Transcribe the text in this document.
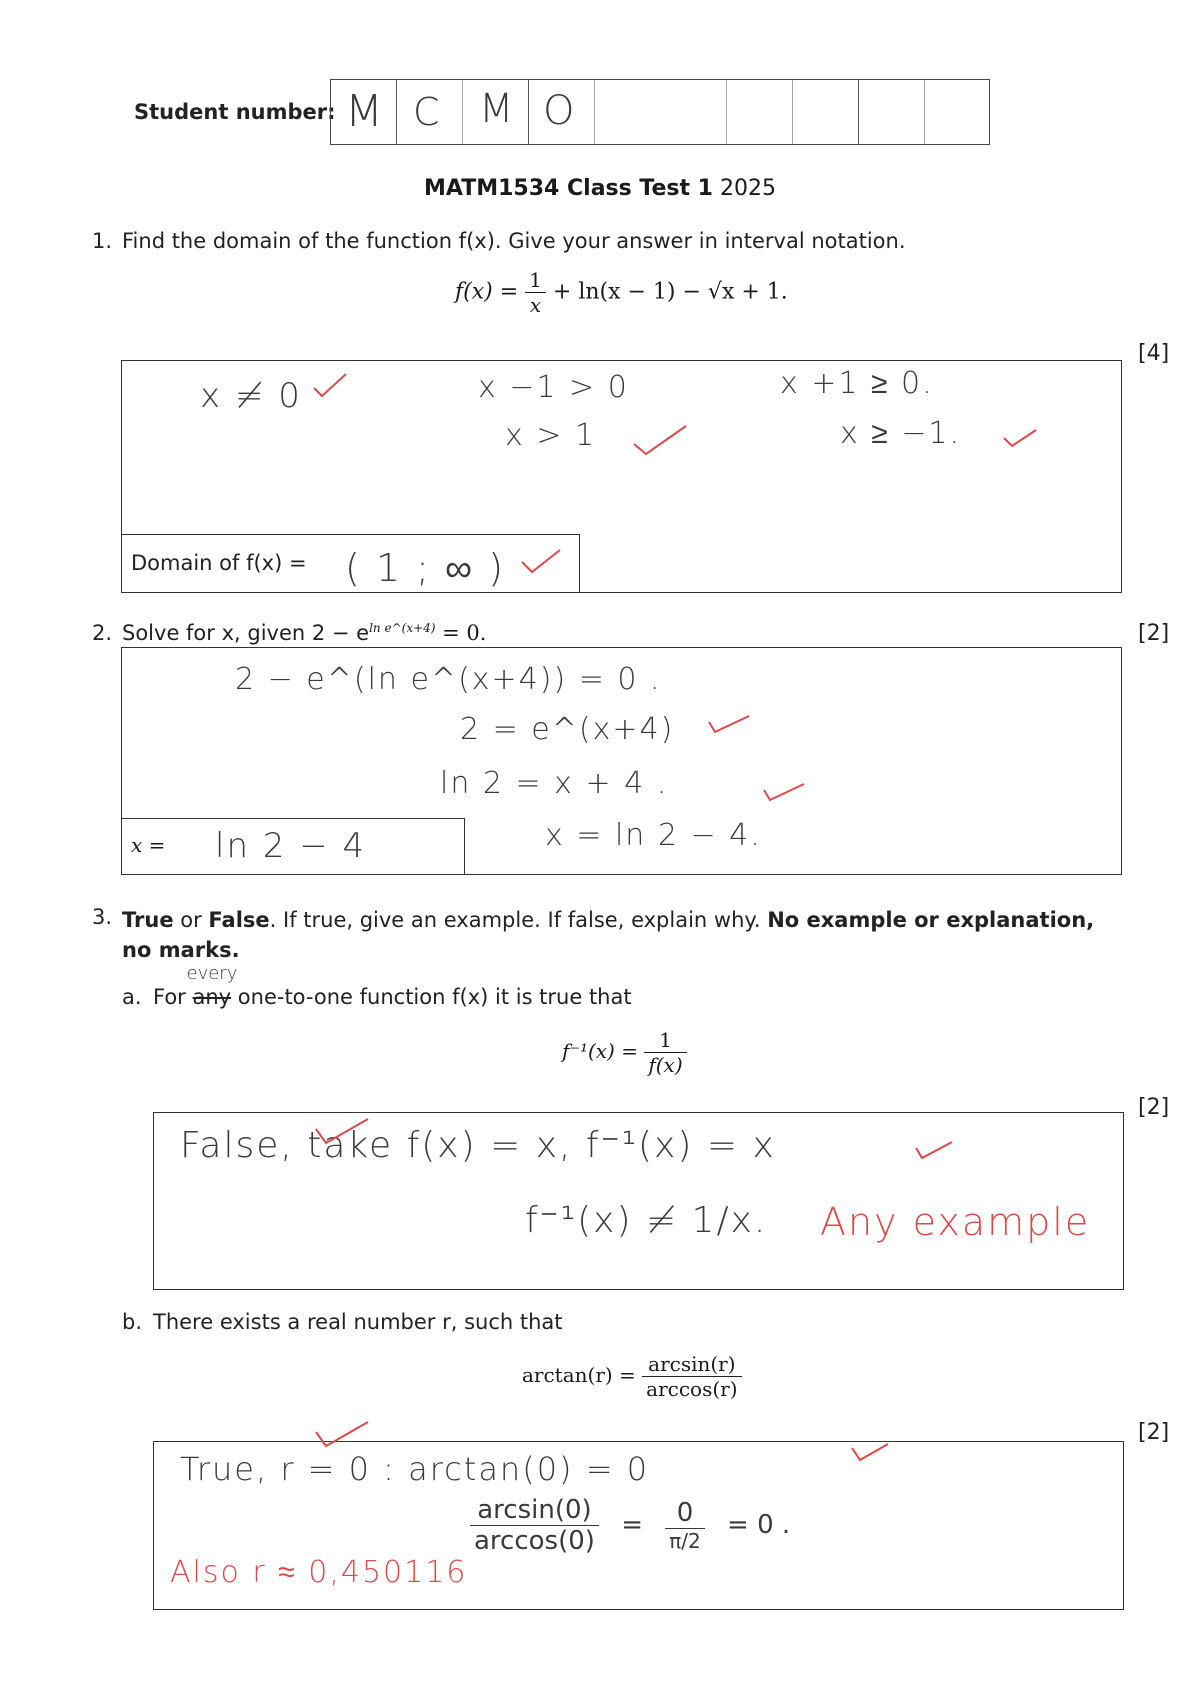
Student number: M C M O
MATM1534 Class Test 1 2025
1. Find the domain of the function f(x). Give your answer in interval notation.
$f(x) = \frac{1}{x} + \ln(x - 1) - √x + 1$.
[4]
Domain of f(x) =
x ≠ 0	x −1 > 0
x > 1
x +1 ≥ 0.
x ≥ −1.
( 1 ; ∞ )
2. Solve for x, given $2 - e^{ln e\^{}(x+4)} = 0$.	[2]
x =
2 − e^(ln e^(x+4)) = 0 .
2 = e^(x+4)
ln 2 = x + 4 .
x = ln 2 − 4.
ln 2 − 4
3. True or False. If true, give an example. If false, explain why. No example or explanation, no marks.
a. For any
every
one-to-one function f(x) it is true that
$f^{-1}(x) = \frac{1}{f(x)}$
[2]
False, take f(x) = x, f⁻¹(x) = x
f⁻¹(x) ≠ 1/x. Any example
b. There exists a real number r, such that
$\arctan(r) = \frac{\arcsin(r)}{\arccos(r)}$
[2]
True, r = 0 : arctan(0) = 0
$\frac{\arcsin(0)}{\arccos(0)} = \frac{0}{\pi/2} = 0$ .
Also r ≈ 0,450116
